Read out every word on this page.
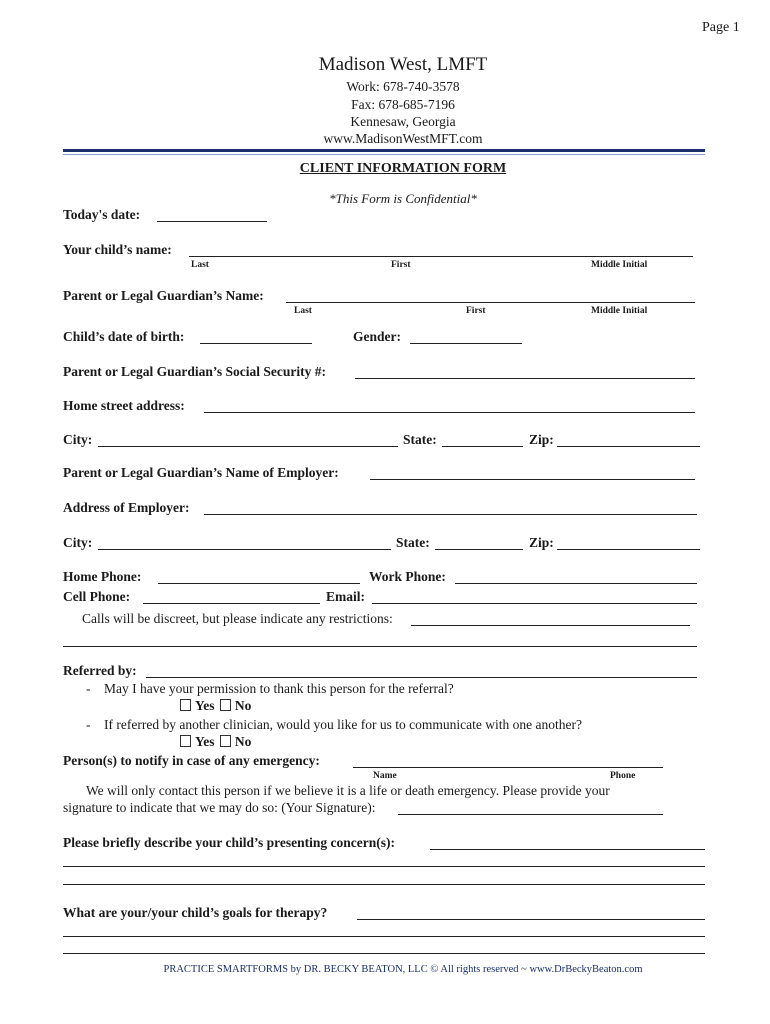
Page 1
Madison West, LMFT
Work: 678-740-3578
Fax: 678-685-7196
Kennesaw, Georgia
www.MadisonWestMFT.com
CLIENT INFORMATION FORM
*This Form is Confidential*
Today's date:
Your child’s name:
Last	First	Middle Initial
Parent or Legal Guardian’s Name:
Last	First	Middle Initial
Child’s date of birth:	Gender:
Parent or Legal Guardian’s Social Security #:
Home street address:
City:	State:	Zip:
Parent or Legal Guardian’s Name of Employer:
Address of Employer:
City:	State:	Zip:
Home Phone:	Work Phone:
Cell Phone:	Email:
Calls will be discreet, but please indicate any restrictions:
Referred by:
- May I have your permission to thank this person for the referral?
Yes No
- If referred by another clinician, would you like for us to communicate with one another?
Yes No
Person(s) to notify in case of any emergency:
Name	Phone
We will only contact this person if we believe it is a life or death emergency. Please provide your
signature to indicate that we may do so: (Your Signature):
Please briefly describe your child’s presenting concern(s):
What are your/your child’s goals for therapy?
PRACTICE SMARTFORMS by DR. BECKY BEATON, LLC © All rights reserved ~ www.DrBeckyBeaton.com
